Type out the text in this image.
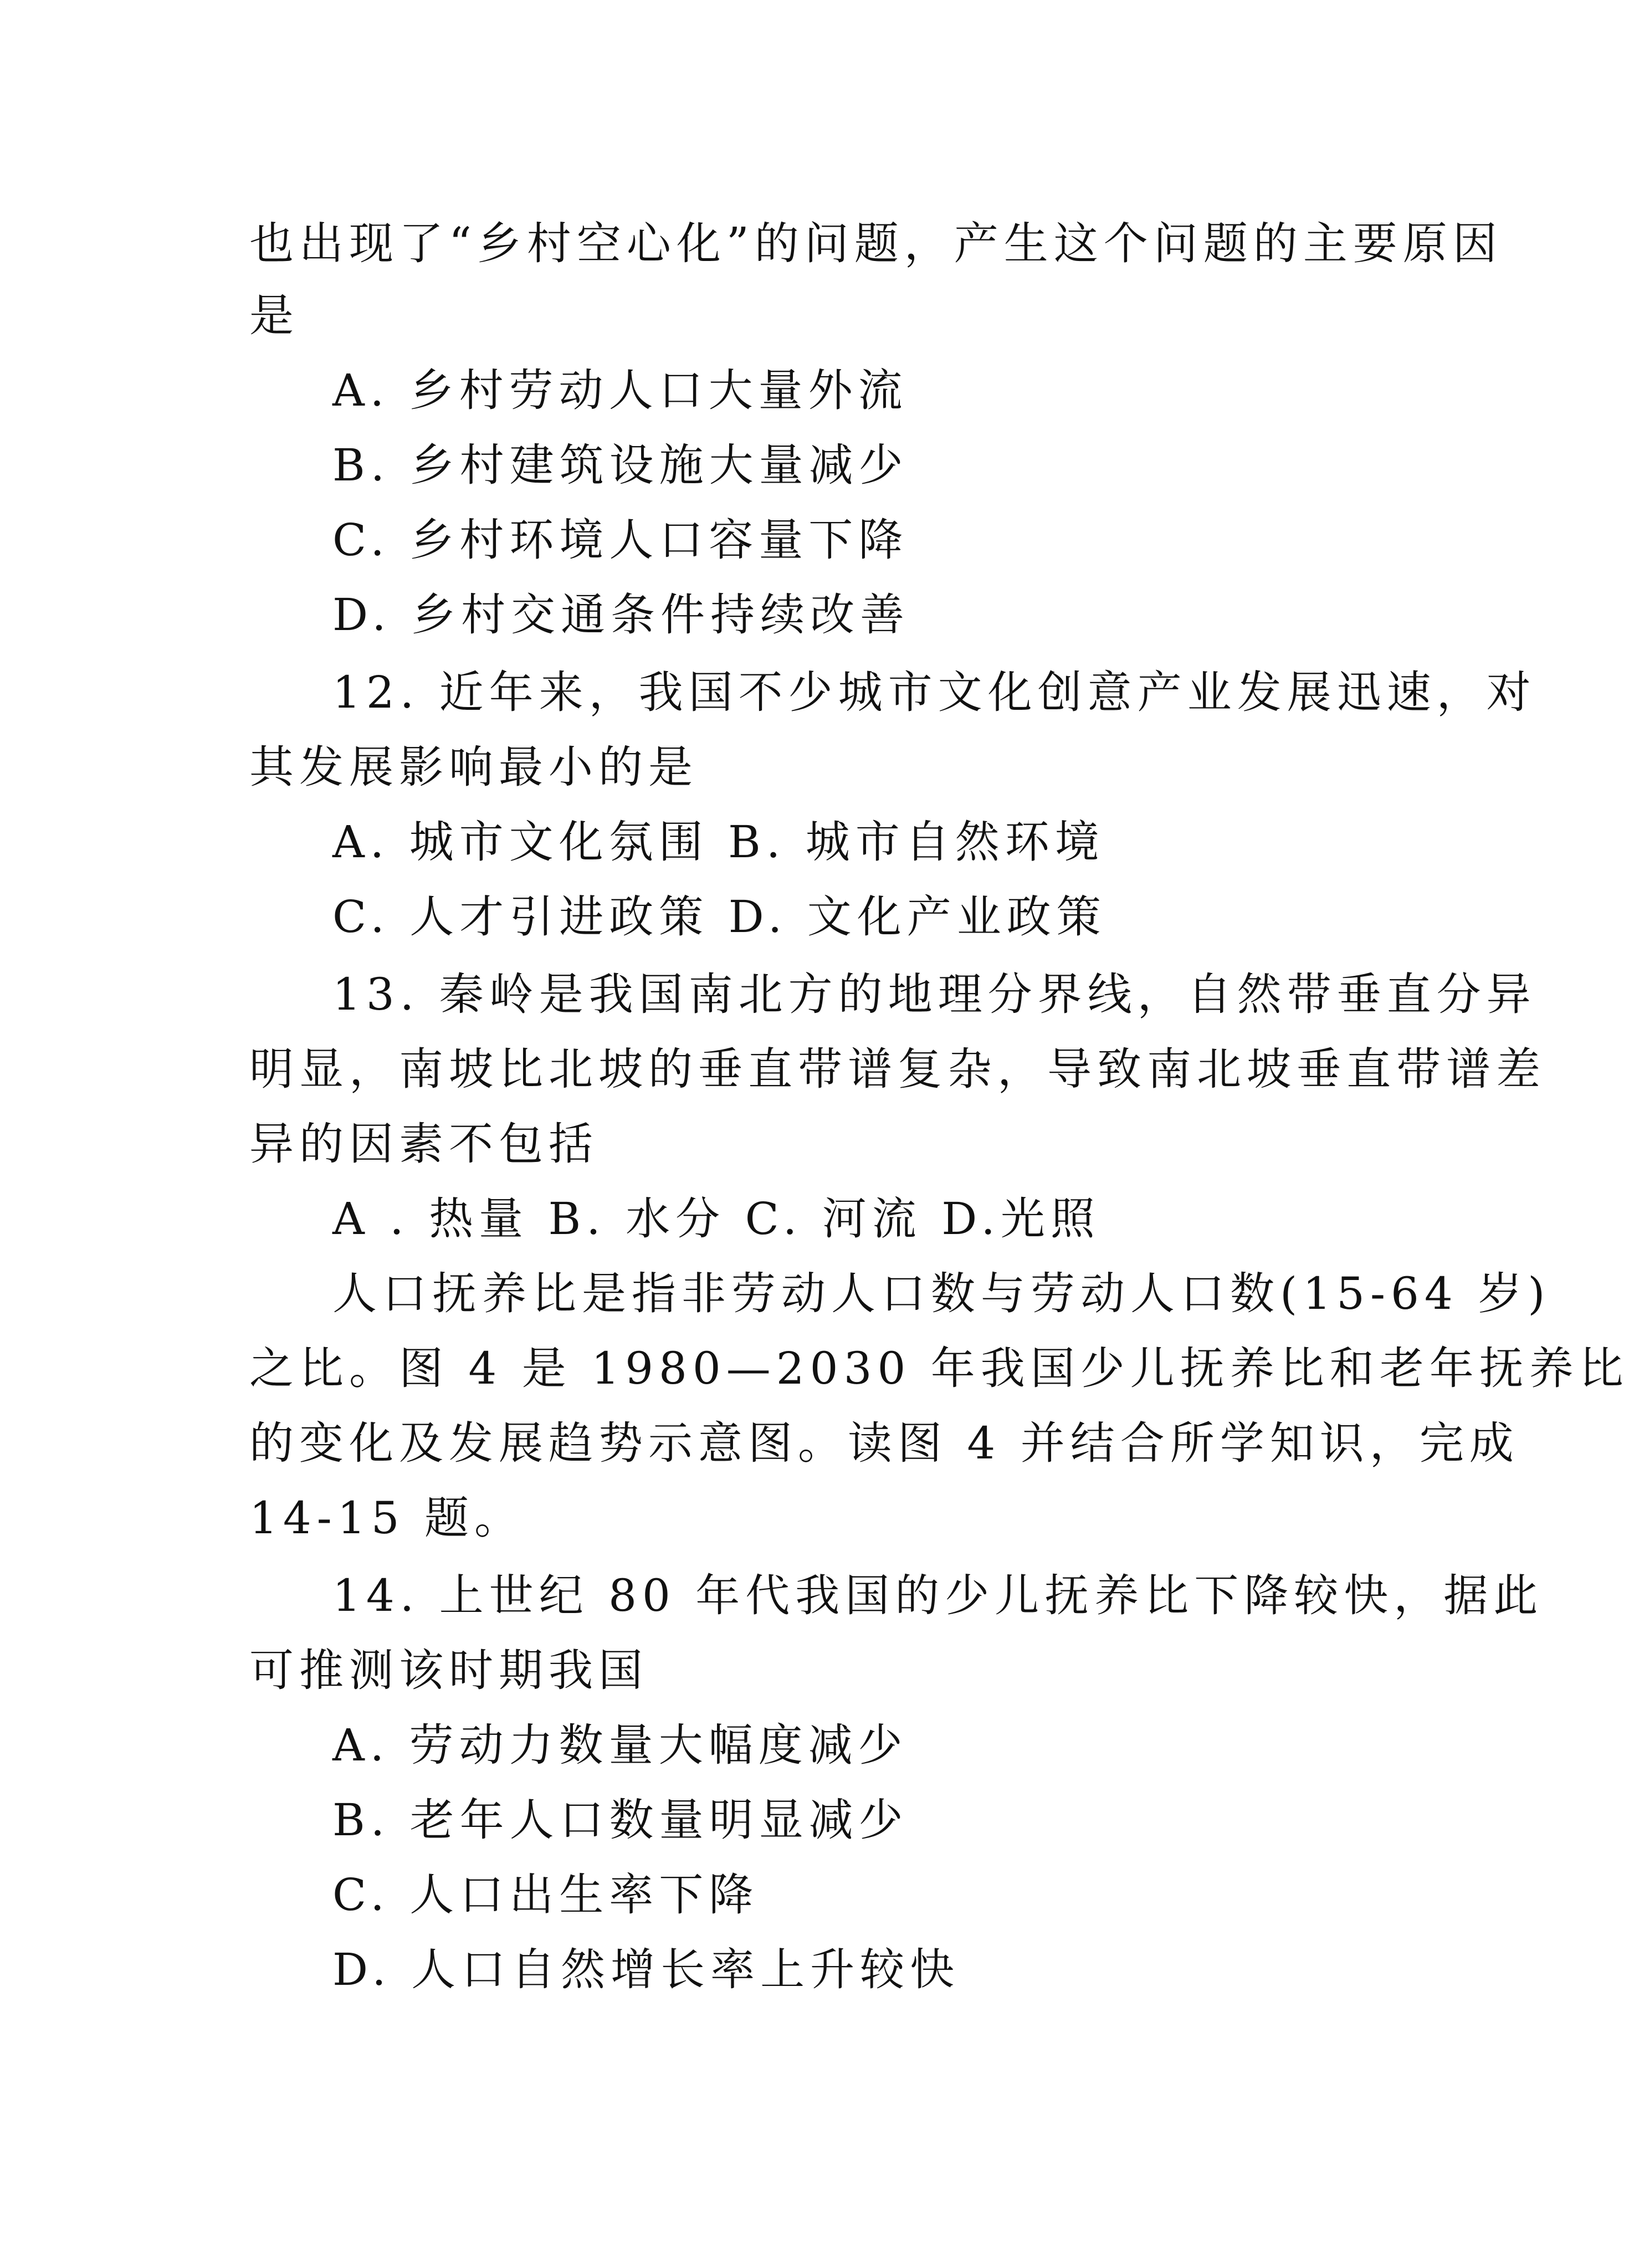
也出现了“乡村空心化”的问题，产生这个问题的主要原因
是
A. 乡村劳动人口大量外流
B. 乡村建筑设施大量减少
C. 乡村环境人口容量下降
D. 乡村交通条件持续改善
12. 近年来，我国不少城市文化创意产业发展迅速，对
其发展影响最小的是
A. 城市文化氛围 B. 城市自然环境
C. 人才引进政策 D. 文化产业政策
13. 秦岭是我国南北方的地理分界线，自然带垂直分异
明显，南坡比北坡的垂直带谱复杂，导致南北坡垂直带谱差
异的因素不包括
A . 热量 B. 水分 C. 河流 D.光照
人口抚养比是指非劳动人口数与劳动人口数(15-64 岁)
之比。图 4 是 1980—2030 年我国少儿抚养比和老年抚养比
的变化及发展趋势示意图。读图 4 并结合所学知识，完成
14-15 题。
14. 上世纪 80 年代我国的少儿抚养比下降较快，据此
可推测该时期我国
A. 劳动力数量大幅度减少
B. 老年人口数量明显减少
C. 人口出生率下降
D. 人口自然增长率上升较快
